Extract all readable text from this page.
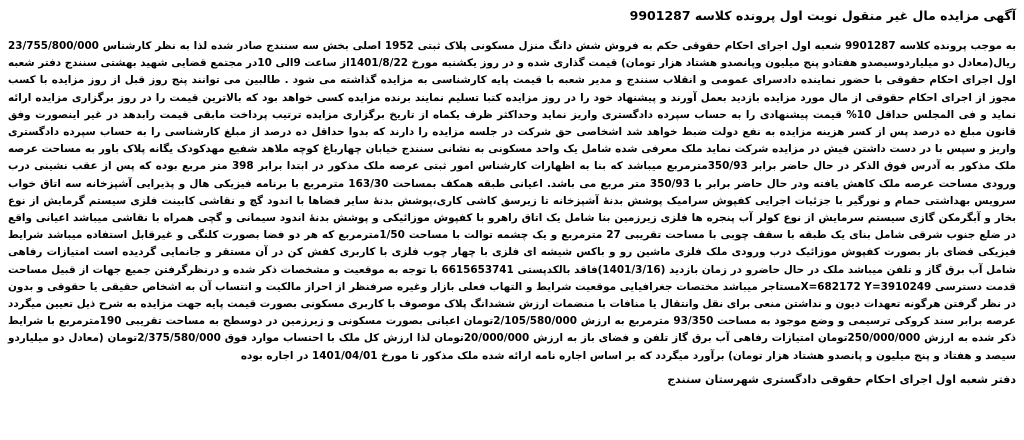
آگهی مزایده مال غیر منقول نوبت اول پرونده کلاسه 9901287

به موجب پرونده کلاسه 9901287 شعبه اول اجرای احکام حقوقی حکم به فروش شش دانگ منزل مسکونی پلاک ثبتی 1952 اصلی بخش سه سنندج صادر شده لذا به نظر کارشناس 23/755/800/000 ریال(معادل دو میلیاردوسیصدو هفتادو پنج میلیون وپانصدو هشتاد هزار تومان) قیمت گذاری شده و در روز یکشنبه مورخ 1401/8/22از ساعت 9الی 10در مجتمع قضایی شهید بهشتی سنندج دفتر شعبه اول اجرای احکام حقوقی با حضور نماینده دادسرای عمومی و انقلاب سنندج و مدیر شعبه با قیمت پایه کارشناسی به مزایده گذاشته می شود . طالبین می توانند پنج روز قبل از روز مزایده با کسب مجوز از اجرای احکام حقوقی از مال مورد مزایده بازدید بعمل آورند و پیشنهاد خود را در روز مزایده کتبا تسلیم نمایند برنده مزایده کسی خواهد بود که بالاترین قیمت را در روز برگزاری مزایده ارائه نماید و فی المجلس حداقل 10% قیمت پیشنهادی را به حساب سپرده دادگستری واریز نماید وحداکثر ظرف یکماه از تاریخ برگزاری مزایده ترتیب پرداخت مابقی قیمت رابدهد در غیر اینصورت وفق قانون مبلغ ده درصد پس از کسر هزینه مزایده به نفع دولت ضبط خواهد شد اشخاصی حق شرکت در جلسه مزایده را دارند که بدوا حداقل ده درصد از مبلغ کارشناسی را به حساب سپرده دادگستری واریز و سپس با در دست داشتن فیش در مزایده شرکت نماید ملک معرفی شده شامل یک واحد مسکونی به نشانی سنندج خیابان چهارباغ کوچه ملاهد شفیع مهدکودک یگانه پلاک باور به مساحت عرصه ملک مذکور به آدرس فوق الذکر در حال حاضر برابر 350/93مترمربع میباشد که بنا به اظهارات کارشناس امور ثبتی عرصه ملک مذکور در ابتدا برابر 398 متر مربع بوده که پس از عقب نشینی درب ورودی مساحت عرصه ملک کاهش یافته ودر حال حاضر برابر با 350/93 متر مربع می باشد. اعیانی طبقه همکف بمساحت 163/30 مترمربع با برنامه فیزیکی هال و پذیرایی آشپزخانه سه اتاق خواب سرویس بهداشتی حمام و نورگیر با جزئیات اجرایی کفپوش سرامیک پوشش بدنهٔ آشپزخانه تا زیرسق کاشی کاری،پوشش بدنهٔ سایر فضاها با اندود گچ و نقاشی کابینت فلزی سیستم گرمایش از نوع بخار و آبگرمکن گازی سیستم سرمایش از نوع کولر آب پنجره ها فلزی زیرزمین بنا شامل یک اتاق راهرو با کفپوش موزائیکی و پوشش بدنهٔ اندود سیمانی و گچی همراه با نقاشی میباشد اعیانی واقع در ضلع جنوب شرقی شامل بنای یک طبقه با سقف چوبی با مساحت تقریبی 27 مترمربع و یک چشمه توالت با مساحت 1/50مترمربع که هر دو فضا بصورت کلنگی و غیرقابل استفاده میباشد شرایط فیزیکی فضای باز بصورت کفپوش موزائیک درب ورودی ملک فلزی ماشین رو و باکس شیشه ای فلزی با چهار چوب فلزی با کاربری کفش کن در آن مستقر و جانمایی گردیده است امتیازات رفاهی شامل آب برق گاز و تلفن میباشد ملک در حال حاضرو در زمان بازدید (1401/3/16)فاقد بالکدپستی 6615653741 با توجه به موقعیت و مشخصات ذکر شده و درنظرگرفتن جمیع جهات از قبیل مساحت قدمت دسترسی X=682172 Y=3910249مستاجر میباشد مختصات جغرافیایی موقعیت شرایط و التهاب فعلی بازار وغیره صرفنظر از احراز مالکیت و انتساب آن به اشخاص حقیقی یا حقوقی و بدون در نظر گرفتن هرگونه تعهدات دیون و نداشتن منعی برای نقل وانتقال یا منافات با منضمات ارزش ششدانگ پلاک موصوف با کاربری مسکونی بصورت قیمت پایه جهت مزایده به شرح ذیل تعیین میگردد عرصه برابر سند کروکی ترسیمی و وضع موجود به مساحت 93/350 مترمربع به ارزش 2/105/580/000تومان اعیانی بصورت مسکونی و زیرزمین در دوسطح به مساحت تقریبی 190مترمربع با شرایط ذکر شده به ارزش 250/000/000تومان امتیازات رفاهی آب برق گاز تلفن و فضای باز به ارزش 20/000/000تومان لذا ارزش کل ملک با احتساب موارد فوق 2/375/580/000تومان (معادل دو میلیاردو سیصد و هفتاد و پنج میلیون و پانصدو هشتاد هزار تومان) برآورد میگردد که بر اساس اجاره نامه ارائه شده ملک مذکور تا مورخ 1401/04/01 در اجاره بوده

دفتر شعبه اول اجرای احکام حقوقی دادگستری شهرستان سنندج
